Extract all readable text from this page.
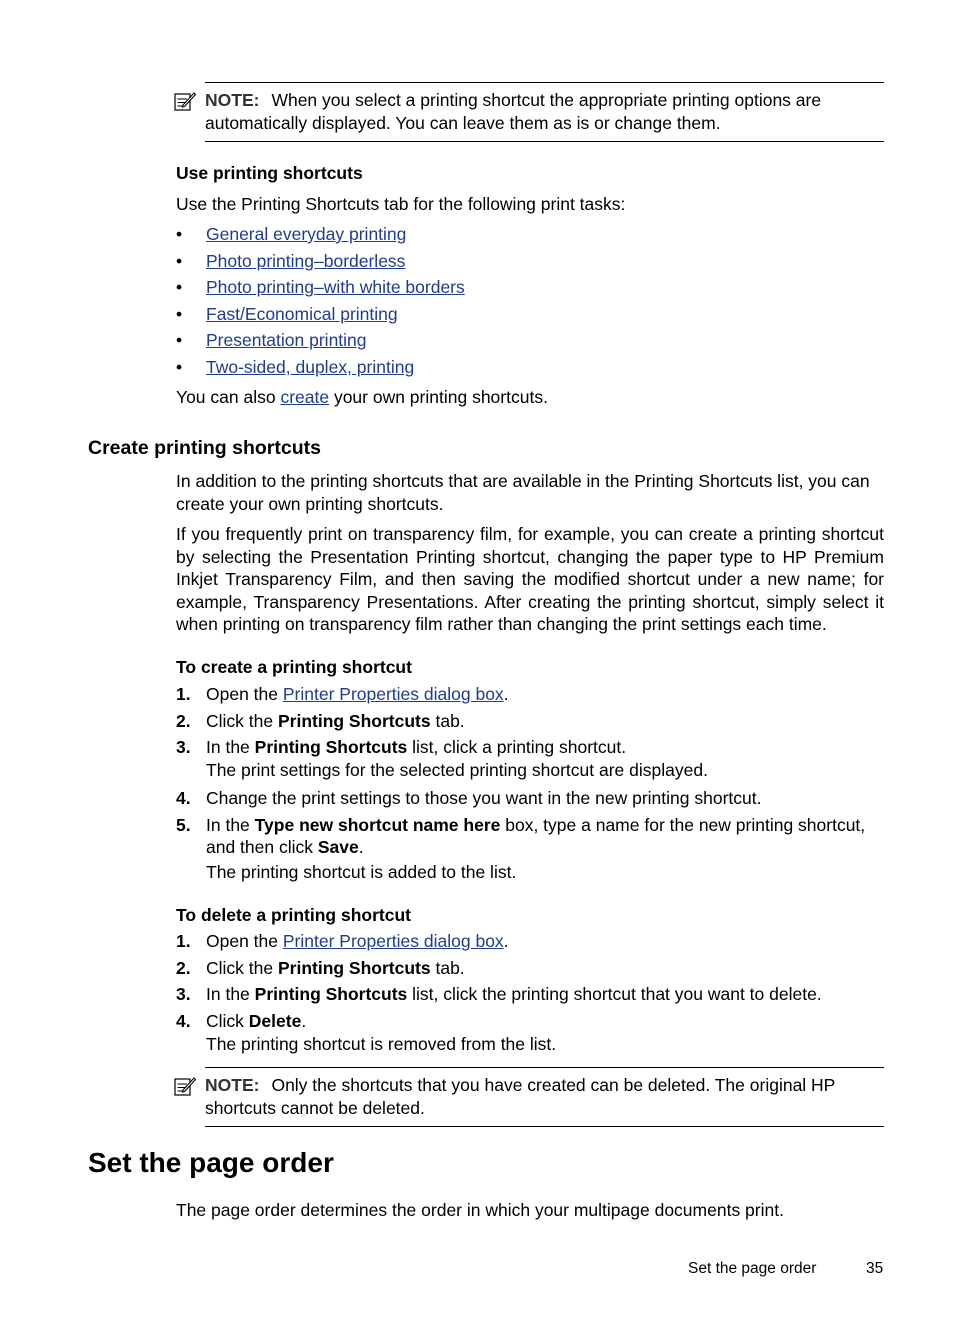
NOTE: When you select a printing shortcut the appropriate printing options are automatically displayed. You can leave them as is or change them.
Use printing shortcuts
Use the Printing Shortcuts tab for the following print tasks:
• General everyday printing
• Photo printing–borderless
• Photo printing–with white borders
• Fast/Economical printing
• Presentation printing
• Two-sided, duplex, printing
You can also create your own printing shortcuts.
Create printing shortcuts
In addition to the printing shortcuts that are available in the Printing Shortcuts list, you can create your own printing shortcuts.
If you frequently print on transparency film, for example, you can create a printing shortcut by selecting the Presentation Printing shortcut, changing the paper type to HP Premium Inkjet Transparency Film, and then saving the modified shortcut under a new name; for example, Transparency Presentations. After creating the printing shortcut, simply select it when printing on transparency film rather than changing the print settings each time.
To create a printing shortcut
1. Open the Printer Properties dialog box.
2. Click the Printing Shortcuts tab.
3. In the Printing Shortcuts list, click a printing shortcut.
The print settings for the selected printing shortcut are displayed.
4. Change the print settings to those you want in the new printing shortcut.
5. In the Type new shortcut name here box, type a name for the new printing shortcut, and then click Save.
The printing shortcut is added to the list.
To delete a printing shortcut
1. Open the Printer Properties dialog box.
2. Click the Printing Shortcuts tab.
3. In the Printing Shortcuts list, click the printing shortcut that you want to delete.
4. Click Delete.
The printing shortcut is removed from the list.
NOTE: Only the shortcuts that you have created can be deleted. The original HP shortcuts cannot be deleted.
Set the page order
The page order determines the order in which your multipage documents print.
Set the page order	35
